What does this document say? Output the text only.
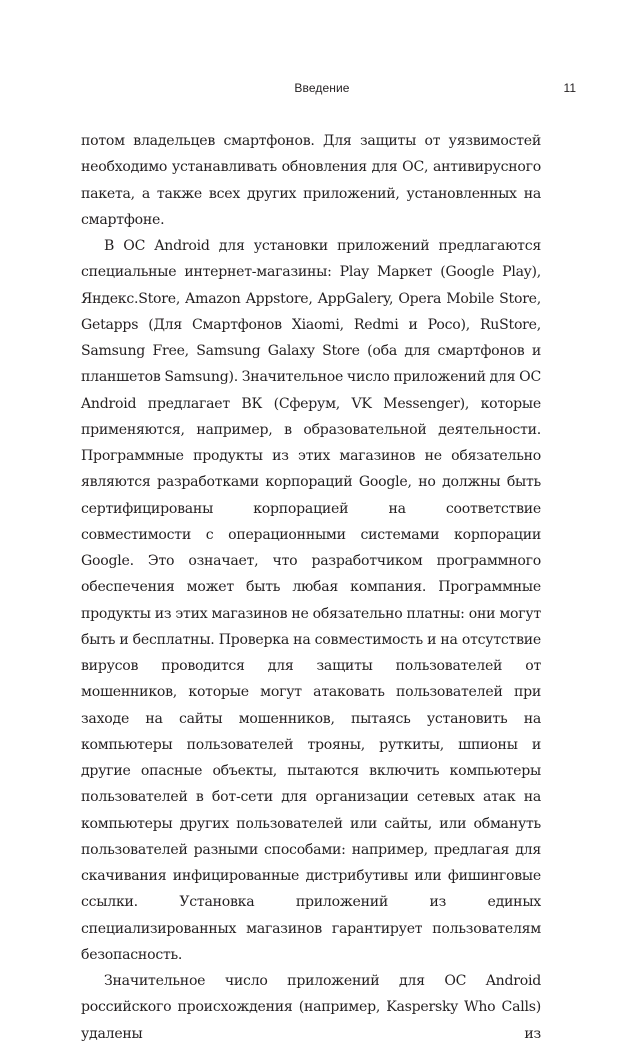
Введение	11

потом владельцев смартфонов. Для защиты от уязвимостей необходимо устанавливать обновления для ОС, антивирусного пакета, а также всех других приложений, установленных на смартфоне.

В ОС Android для установки приложений предлагаются специальные интернет-магазины: Play Маркет (Google Play), Яндекс.Store, Amazon Appstore, AppGalery, Opera Mobile Store, Getapps (Для Смартфонов Xiaomi, Redmi и Poco), RuStore, Samsung Free, Samsung Galaxy Store (оба для смартфонов и планшетов Samsung). Значительное число приложений для ОС Android предлагает ВК (Сферум, VK Messenger), которые применяются, например, в образовательной деятельности. Программные продукты из этих магазинов не обязательно являются разработками корпораций Google, но должны быть сертифицированы корпорацией на соответствие совместимости с операционными системами корпорации Google. Это означает, что разработчиком программного обеспечения может быть любая компания. Программные продукты из этих магазинов не обязательно платны: они могут быть и бесплатны. Проверка на совместимость и на отсутствие вирусов проводится для защиты пользователей от мошенников, которые могут атаковать пользователей при заходе на сайты мошенников, пытаясь установить на компьютеры пользователей трояны, руткиты, шпионы и другие опасные объекты, пытаются включить компьютеры пользователей в бот-сети для организации сетевых атак на компьютеры других пользователей или сайты, или обмануть пользователей разными способами: например, предлагая для скачивания инфицированные дистрибутивы или фишинговые ссылки. Установка приложений из единых специализированных магазинов гарантирует пользователям безопасность.

Значительное число приложений для ОС Android российского происхождения (например, Kaspersky Who Calls) удалены из
